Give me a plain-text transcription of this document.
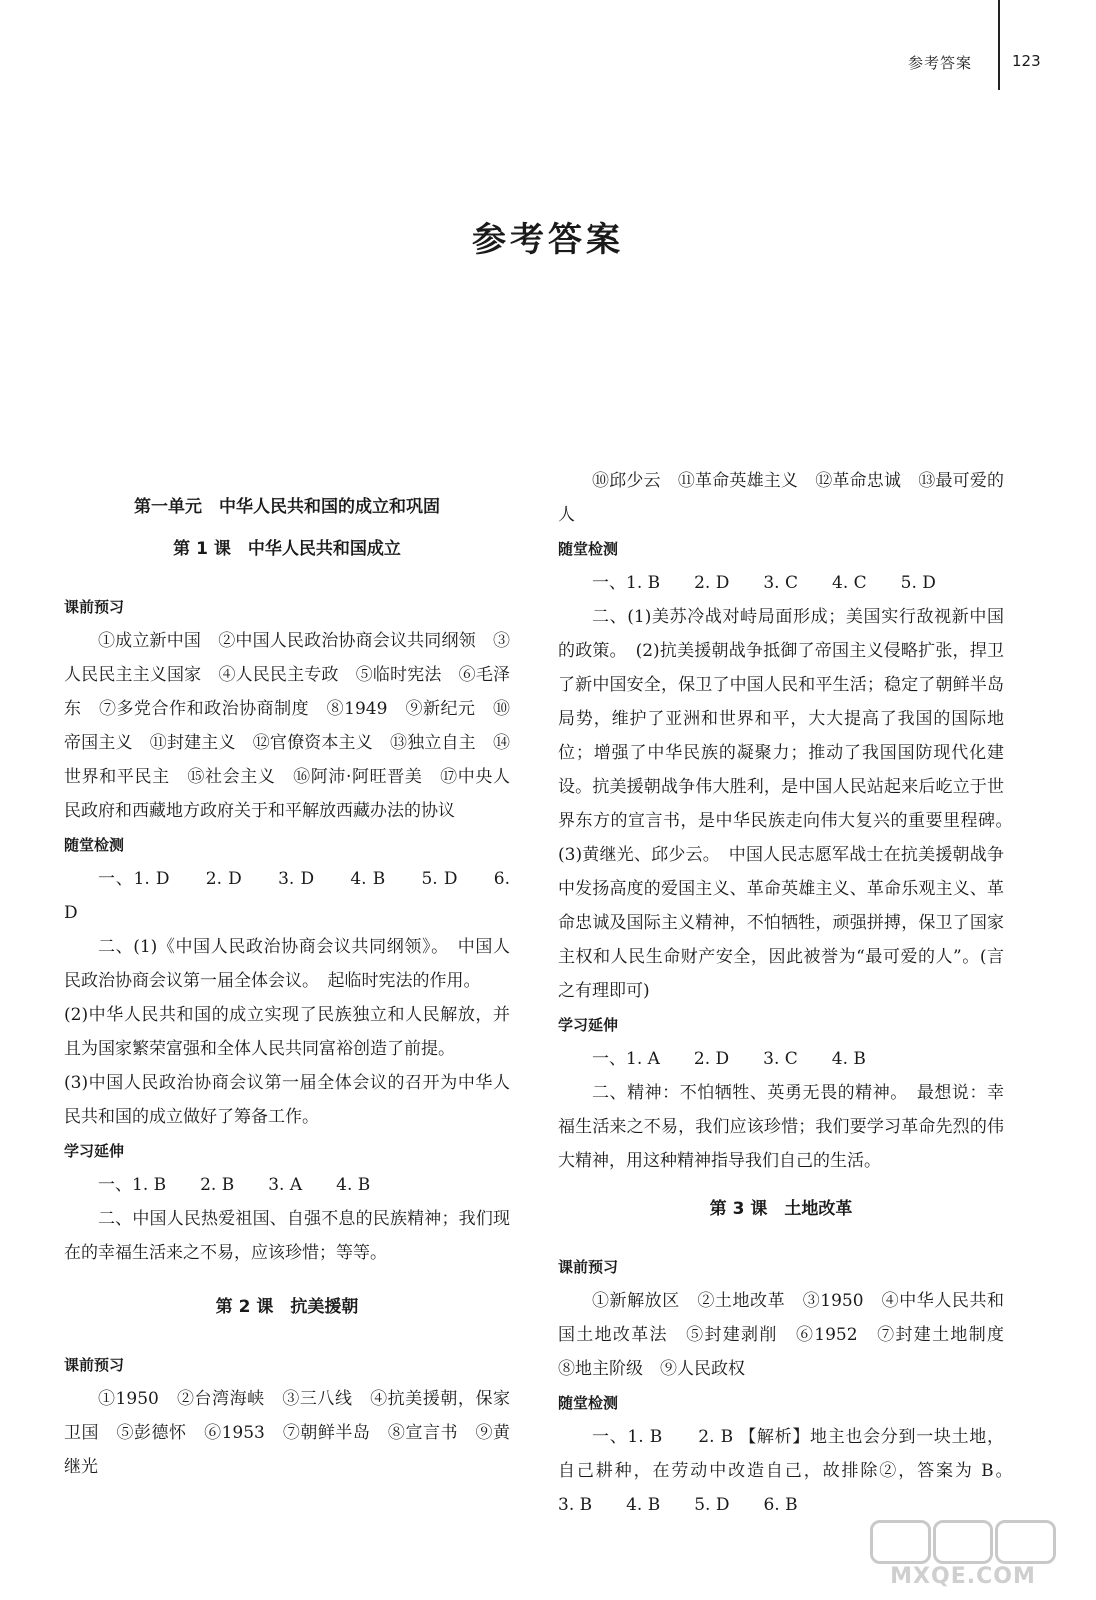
参考答案	123
参考答案
第一单元　中华人民共和国的成立和巩固
第 1 课　中华人民共和国成立
课前预习
①成立新中国　②中国人民政治协商会议共同纲领　③人民民主主义国家　④人民民主专政　⑤临时宪法　⑥毛泽东　⑦多党合作和政治协商制度　⑧1949　⑨新纪元　⑩帝国主义　⑪封建主义　⑫官僚资本主义　⑬独立自主　⑭世界和平民主　⑮社会主义　⑯阿沛·阿旺晋美　⑰中央人民政府和西藏地方政府关于和平解放西藏办法的协议
随堂检测
一、1. D　　2. D　　3. D　　4. B　　5. D　　6. D
二、(1)《中国人民政治协商会议共同纲领》。　中国人民政治协商会议第一届全体会议。　起临时宪法的作用。
(2)中华人民共和国的成立实现了民族独立和人民解放，并且为国家繁荣富强和全体人民共同富裕创造了前提。
(3)中国人民政治协商会议第一届全体会议的召开为中华人民共和国的成立做好了筹备工作。
学习延伸
一、1. B　　2. B　　3. A　　4. B
二、中国人民热爱祖国、自强不息的民族精神；我们现在的幸福生活来之不易，应该珍惜；等等。
第 2 课　抗美援朝
课前预习
①1950　②台湾海峡　③三八线　④抗美援朝，保家卫国　⑤彭德怀　⑥1953　⑦朝鲜半岛　⑧宣言书　⑨黄继光
⑩邱少云　⑪革命英雄主义　⑫革命忠诚　⑬最可爱的人
随堂检测
一、1. B　　2. D　　3. C　　4. C　　5. D
二、(1)美苏冷战对峙局面形成；美国实行敌视新中国的政策。　(2)抗美援朝战争抵御了帝国主义侵略扩张，捍卫了新中国安全，保卫了中国人民和平生活；稳定了朝鲜半岛局势，维护了亚洲和世界和平，大大提高了我国的国际地位；增强了中华民族的凝聚力；推动了我国国防现代化建设。抗美援朝战争伟大胜利，是中国人民站起来后屹立于世界东方的宣言书，是中华民族走向伟大复兴的重要里程碑。　(3)黄继光、邱少云。　中国人民志愿军战士在抗美援朝战争中发扬高度的爱国主义、革命英雄主义、革命乐观主义、革命忠诚及国际主义精神，不怕牺牲，顽强拼搏，保卫了国家主权和人民生命财产安全，因此被誉为“最可爱的人”。(言之有理即可)
学习延伸
一、1. A　　2. D　　3. C　　4. B
二、精神：不怕牺牲、英勇无畏的精神。　最想说：幸福生活来之不易，我们应该珍惜；我们要学习革命先烈的伟大精神，用这种精神指导我们自己的生活。
第 3 课　土地改革
课前预习
①新解放区　②土地改革　③1950　④中华人民共和国土地改革法　⑤封建剥削　⑥1952　⑦封建土地制度　⑧地主阶级　⑨人民政权
随堂检测
一、1. B　　2. B 【解析】地主也会分到一块土地，自己耕种，在劳动中改造自己，故排除②，答案为 B。　　3. B　　4. B　　5. D　　6. B
MXQE.COM
